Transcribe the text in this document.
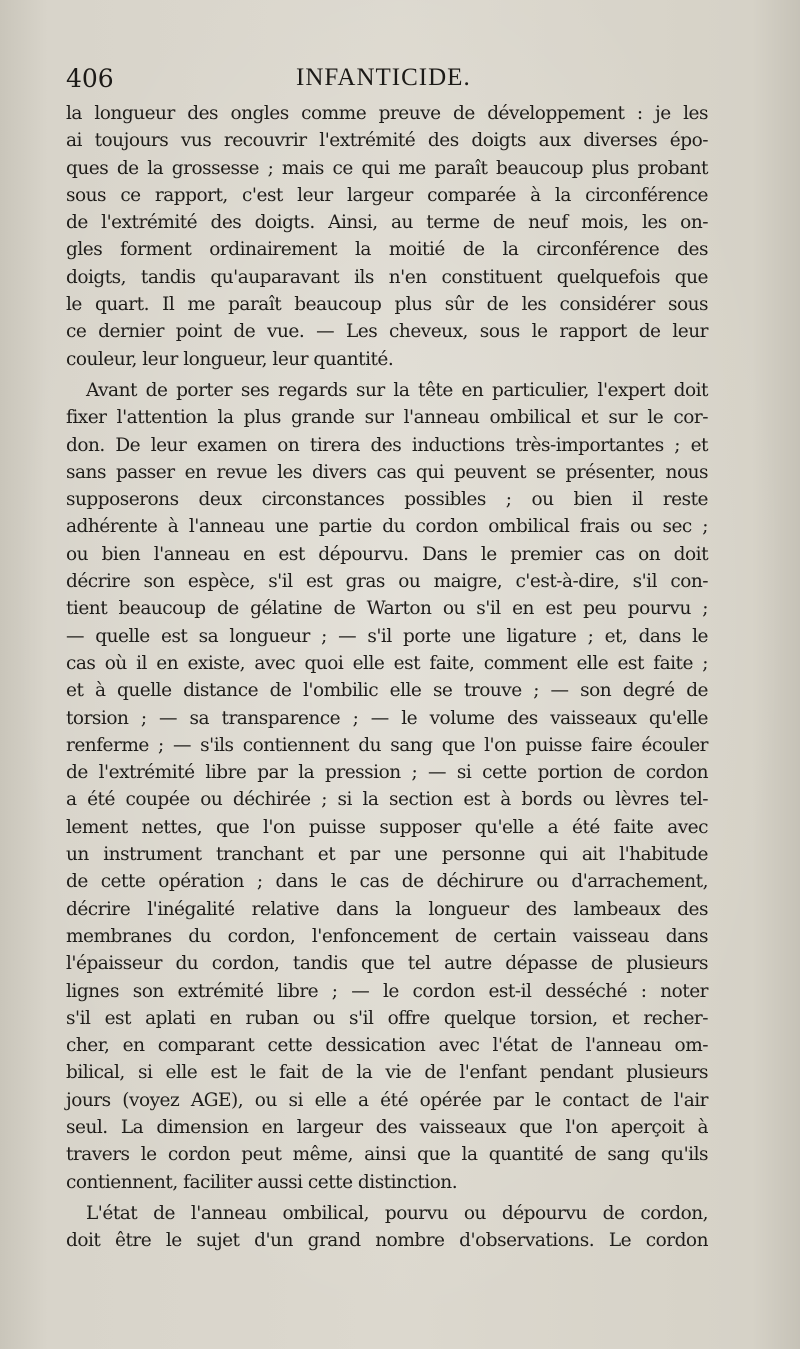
406	INFANTICIDE.
la longueur des ongles comme preuve de développement : je les
ai toujours vus recouvrir l'extrémité des doigts aux diverses épo-
ques de la grossesse ; mais ce qui me paraît beaucoup plus probant
sous ce rapport, c'est leur largeur comparée à la circonférence
de l'extrémité des doigts. Ainsi, au terme de neuf mois, les on-
gles forment ordinairement la moitié de la circonférence des
doigts, tandis qu'auparavant ils n'en constituent quelquefois que
le quart. Il me paraît beaucoup plus sûr de les considérer sous
ce dernier point de vue. — Les cheveux, sous le rapport de leur
couleur, leur longueur, leur quantité.
Avant de porter ses regards sur la tête en particulier, l'expert doit
fixer l'attention la plus grande sur l'anneau ombilical et sur le cor-
don. De leur examen on tirera des inductions très-importantes ; et
sans passer en revue les divers cas qui peuvent se présenter, nous
supposerons deux circonstances possibles ; ou bien il reste
adhérente à l'anneau une partie du cordon ombilical frais ou sec ;
ou bien l'anneau en est dépourvu. Dans le premier cas on doit
décrire son espèce, s'il est gras ou maigre, c'est-à-dire, s'il con-
tient beaucoup de gélatine de Warton ou s'il en est peu pourvu ;
— quelle est sa longueur ; — s'il porte une ligature ; et, dans le
cas où il en existe, avec quoi elle est faite, comment elle est faite ;
et à quelle distance de l'ombilic elle se trouve ; — son degré de
torsion ; — sa transparence ; — le volume des vaisseaux qu'elle
renferme ; — s'ils contiennent du sang que l'on puisse faire écouler
de l'extrémité libre par la pression ; — si cette portion de cordon
a été coupée ou déchirée ; si la section est à bords ou lèvres tel-
lement nettes, que l'on puisse supposer qu'elle a été faite avec
un instrument tranchant et par une personne qui ait l'habitude
de cette opération ; dans le cas de déchirure ou d'arrachement,
décrire l'inégalité relative dans la longueur des lambeaux des
membranes du cordon, l'enfoncement de certain vaisseau dans
l'épaisseur du cordon, tandis que tel autre dépasse de plusieurs
lignes son extrémité libre ; — le cordon est-il desséché : noter
s'il est aplati en ruban ou s'il offre quelque torsion, et recher-
cher, en comparant cette dessication avec l'état de l'anneau om-
bilical, si elle est le fait de la vie de l'enfant pendant plusieurs
jours (voyez AGE), ou si elle a été opérée par le contact de l'air
seul. La dimension en largeur des vaisseaux que l'on aperçoit à
travers le cordon peut même, ainsi que la quantité de sang qu'ils
contiennent, faciliter aussi cette distinction.
L'état de l'anneau ombilical, pourvu ou dépourvu de cordon,
doit être le sujet d'un grand nombre d'observations. Le cordon
